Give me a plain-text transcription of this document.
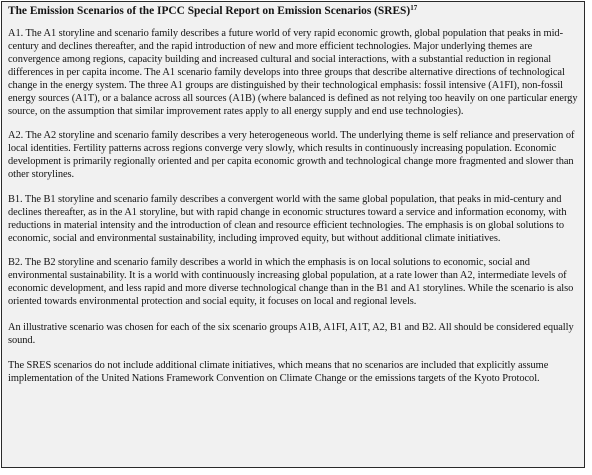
The Emission Scenarios of the IPCC Special Report on Emission Scenarios (SRES)$^{17}$

A1. The A1 storyline and scenario family describes a future world of very rapid economic growth, global population that peaks in mid-century and declines thereafter, and the rapid introduction of new and more efficient technologies. Major underlying themes are convergence among regions, capacity building and increased cultural and social interactions, with a substantial reduction in regional differences in per capita income. The A1 scenario family develops into three groups that describe alternative directions of technological change in the energy system. The three A1 groups are distinguished by their technological emphasis: fossil intensive (A1FI), non-fossil energy sources (A1T), or a balance across all sources (A1B) (where balanced is defined as not relying too heavily on one particular energy source, on the assumption that similar improvement rates apply to all energy supply and end use technologies).

A2. The A2 storyline and scenario family describes a very heterogeneous world. The underlying theme is self reliance and preservation of local identities. Fertility patterns across regions converge very slowly, which results in continuously increasing population. Economic development is primarily regionally oriented and per capita economic growth and technological change more fragmented and slower than other storylines.

B1. The B1 storyline and scenario family describes a convergent world with the same global population, that peaks in mid-century and declines thereafter, as in the A1 storyline, but with rapid change in economic structures toward a service and information economy, with reductions in material intensity and the introduction of clean and resource efficient technologies. The emphasis is on global solutions to economic, social and environmental sustainability, including improved equity, but without additional climate initiatives.

B2. The B2 storyline and scenario family describes a world in which the emphasis is on local solutions to economic, social and environmental sustainability. It is a world with continuously increasing global population, at a rate lower than A2, intermediate levels of economic development, and less rapid and more diverse technological change than in the B1 and A1 storylines. While the scenario is also oriented towards environmental protection and social equity, it focuses on local and regional levels.

An illustrative scenario was chosen for each of the six scenario groups A1B, A1FI, A1T, A2, B1 and B2. All should be considered equally sound.

The SRES scenarios do not include additional climate initiatives, which means that no scenarios are included that explicitly assume implementation of the United Nations Framework Convention on Climate Change or the emissions targets of the Kyoto Protocol.
